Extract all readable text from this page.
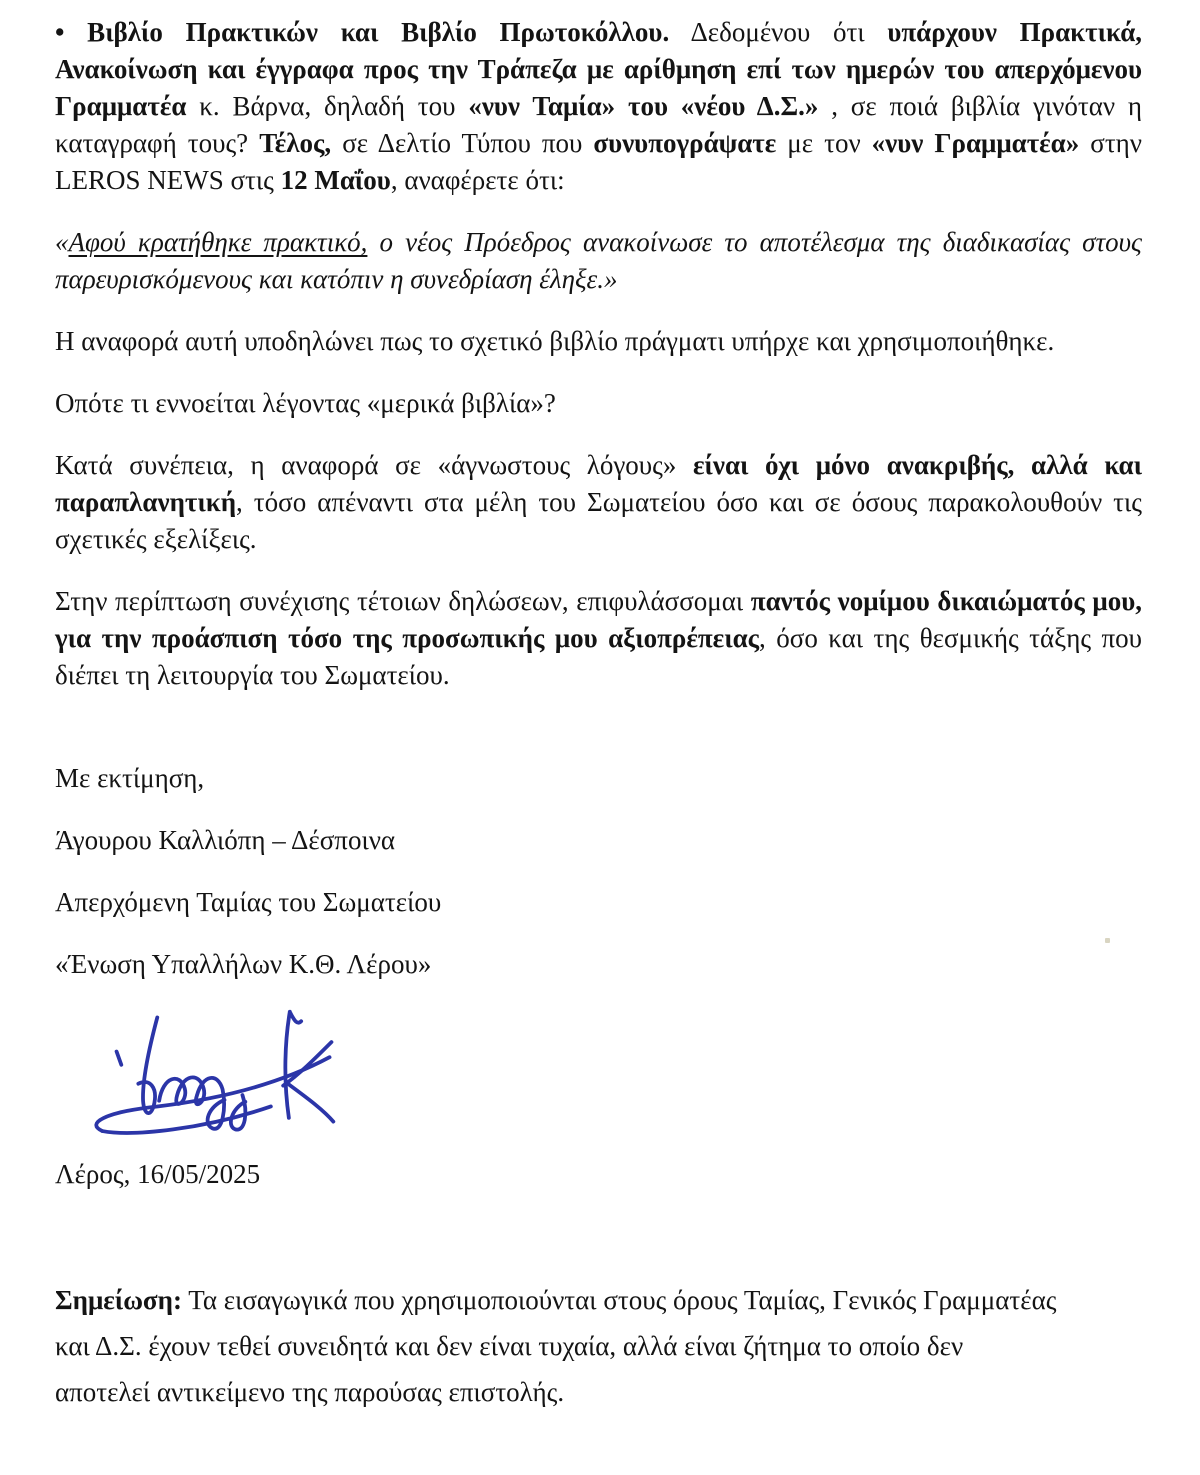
• Βιβλίο Πρακτικών και Βιβλίο Πρωτοκόλλου. Δεδομένου ότι υπάρχουν Πρακτικά, Ανακοίνωση και έγγραφα προς την Τράπεζα με αρίθμηση επί των ημερών του απερχόμενου Γραμματέα κ. Βάρνα, δηλαδή του «νυν Ταμία» του «νέου Δ.Σ.» , σε ποιά βιβλία γινόταν η καταγραφή τους? Τέλος, σε Δελτίο Τύπου που συνυπογράψατε με τον «νυν Γραμματέα» στην LEROS NEWS στις 12 Μαΐου, αναφέρετε ότι:

«Αφού κρατήθηκε πρακτικό, ο νέος Πρόεδρος ανακοίνωσε το αποτέλεσμα της διαδικασίας στους παρευρισκόμενους και κατόπιν η συνεδρίαση έληξε.»

Η αναφορά αυτή υποδηλώνει πως το σχετικό βιβλίο πράγματι υπήρχε και χρησιμοποιήθηκε.

Οπότε τι εννοείται λέγοντας «μερικά βιβλία»?

Κατά συνέπεια, η αναφορά σε «άγνωστους λόγους» είναι όχι μόνο ανακριβής, αλλά και παραπλανητική, τόσο απέναντι στα μέλη του Σωματείου όσο και σε όσους παρακολουθούν τις σχετικές εξελίξεις.

Στην περίπτωση συνέχισης τέτοιων δηλώσεων, επιφυλάσσομαι παντός νομίμου δικαιώματός μου, για την προάσπιση τόσο της προσωπικής μου αξιοπρέπειας, όσο και της θεσμικής τάξης που διέπει τη λειτουργία του Σωματείου.

Με εκτίμηση,

Άγουρου Καλλιόπη – Δέσποινα

Απερχόμενη Ταμίας του Σωματείου

«Ένωση Υπαλλήλων Κ.Θ. Λέρου»

Λέρος, 16/05/2025

Σημείωση: Τα εισαγωγικά που χρησιμοποιούνται στους όρους Ταμίας, Γενικός Γραμματέας και Δ.Σ. έχουν τεθεί συνειδητά και δεν είναι τυχαία, αλλά είναι ζήτημα το οποίο δεν αποτελεί αντικείμενο της παρούσας επιστολής.
